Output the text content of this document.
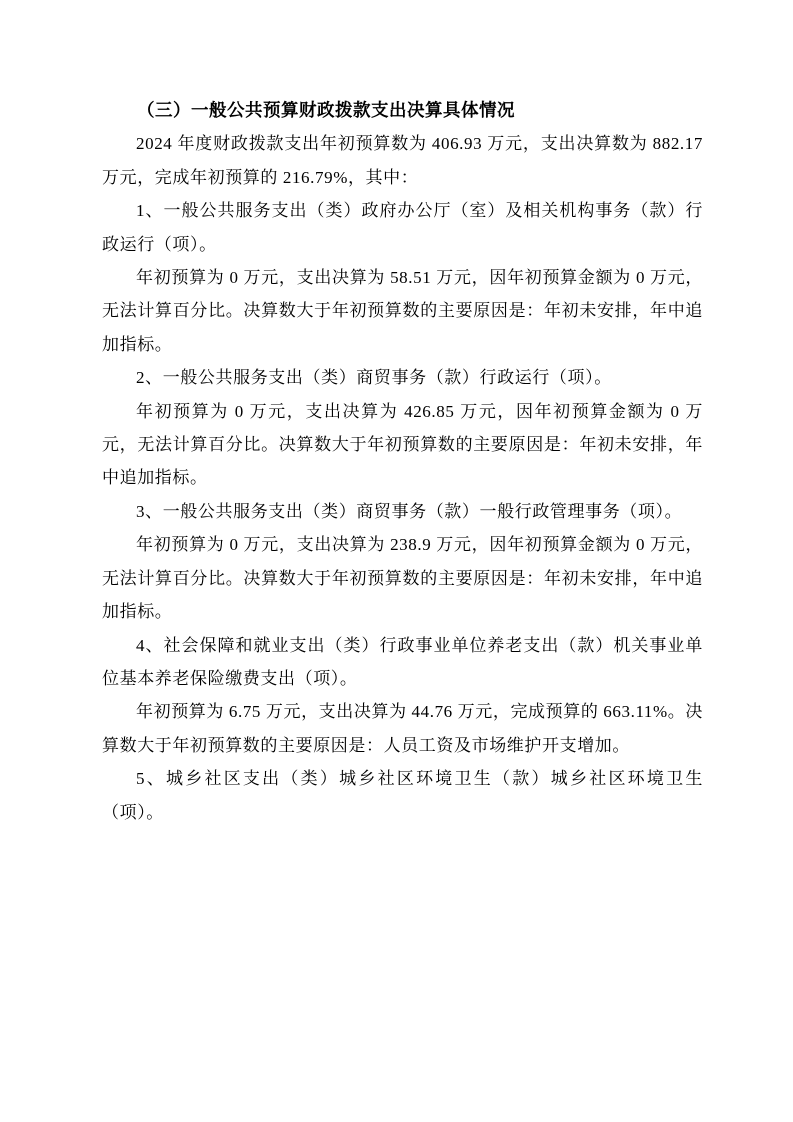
（三）一般公共预算财政拨款支出决算具体情况

2024 年度财政拨款支出年初预算数为 406.93 万元，支出决算数为 882.17 万元，完成年初预算的 216.79%，其中：

1、一般公共服务支出（类）政府办公厅（室）及相关机构事务（款）行政运行（项）。

年初预算为 0 万元，支出决算为 58.51 万元，因年初预算金额为 0 万元，无法计算百分比。决算数大于年初预算数的主要原因是：年初未安排，年中追加指标。

2、一般公共服务支出（类）商贸事务（款）行政运行（项）。

年初预算为 0 万元，支出决算为 426.85 万元，因年初预算金额为 0 万元，无法计算百分比。决算数大于年初预算数的主要原因是：年初未安排，年中追加指标。

3、一般公共服务支出（类）商贸事务（款）一般行政管理事务（项）。

年初预算为 0 万元，支出决算为 238.9 万元，因年初预算金额为 0 万元，无法计算百分比。决算数大于年初预算数的主要原因是：年初未安排，年中追加指标。

4、社会保障和就业支出（类）行政事业单位养老支出（款）机关事业单位基本养老保险缴费支出（项）。

年初预算为 6.75 万元，支出决算为 44.76 万元，完成预算的 663.11%。决算数大于年初预算数的主要原因是：人员工资及市场维护开支增加。

5、城乡社区支出（类）城乡社区环境卫生（款）城乡社区环境卫生（项）。
